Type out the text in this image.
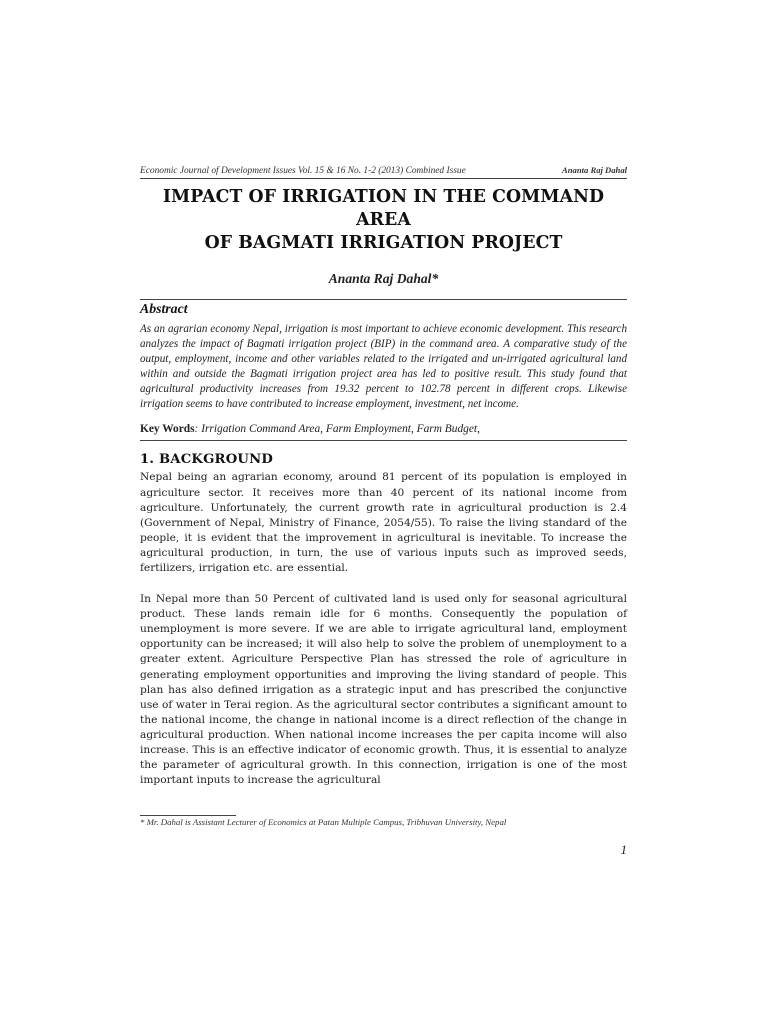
Economic Journal of Development Issues Vol. 15 & 16 No. 1-2 (2013) Combined Issue	Ananta Raj Dahal
IMPACT OF IRRIGATION IN THE COMMAND AREA
OF BAGMATI IRRIGATION PROJECT
Ananta Raj Dahal*
Abstract

As an agrarian economy Nepal, irrigation is most important to achieve economic development. This research analyzes the impact of Bagmati irrigation project (BIP) in the command area. A comparative study of the output, employment, income and other variables related to the irrigated and un-irrigated agricultural land within and outside the Bagmati irrigation project area has led to positive result. This study found that agricultural productivity increases from 19.32 percent to 102.78 percent in different crops. Likewise irrigation seems to have contributed to increase employment, investment, net income.

Key Words: Irrigation Command Area, Farm Employment, Farm Budget,
1. BACKGROUND

Nepal being an agrarian economy, around 81 percent of its population is employed in agriculture sector. It receives more than 40 percent of its national income from agriculture. Unfortunately, the current growth rate in agricultural production is 2.4 (Government of Nepal, Ministry of Finance, 2054/55). To raise the living standard of the people, it is evident that the improvement in agricultural is inevitable. To increase the agricultural production, in turn, the use of various inputs such as improved seeds, fertilizers, irrigation etc. are essential.

In Nepal more than 50 Percent of cultivated land is used only for seasonal agricultural product. These lands remain idle for 6 months. Consequently the population of unemployment is more severe. If we are able to irrigate agricultural land, employment opportunity can be increased; it will also help to solve the problem of unemployment to a greater extent. Agriculture Perspective Plan has stressed the role of agriculture in generating employment opportunities and improving the living standard of people. This plan has also defined irrigation as a strategic input and has prescribed the conjunctive use of water in Terai region. As the agricultural sector contributes a significant amount to the national income, the change in national income is a direct reflection of the change in agricultural production. When national income increases the per capita income will also increase. This is an effective indicator of economic growth. Thus, it is essential to analyze the parameter of agricultural growth. In this connection, irrigation is one of the most important inputs to increase the agricultural

* Mr. Dahal is Assistant Lecturer of Economics at Patan Multiple Campus, Tribhuvan University, Nepal
1
